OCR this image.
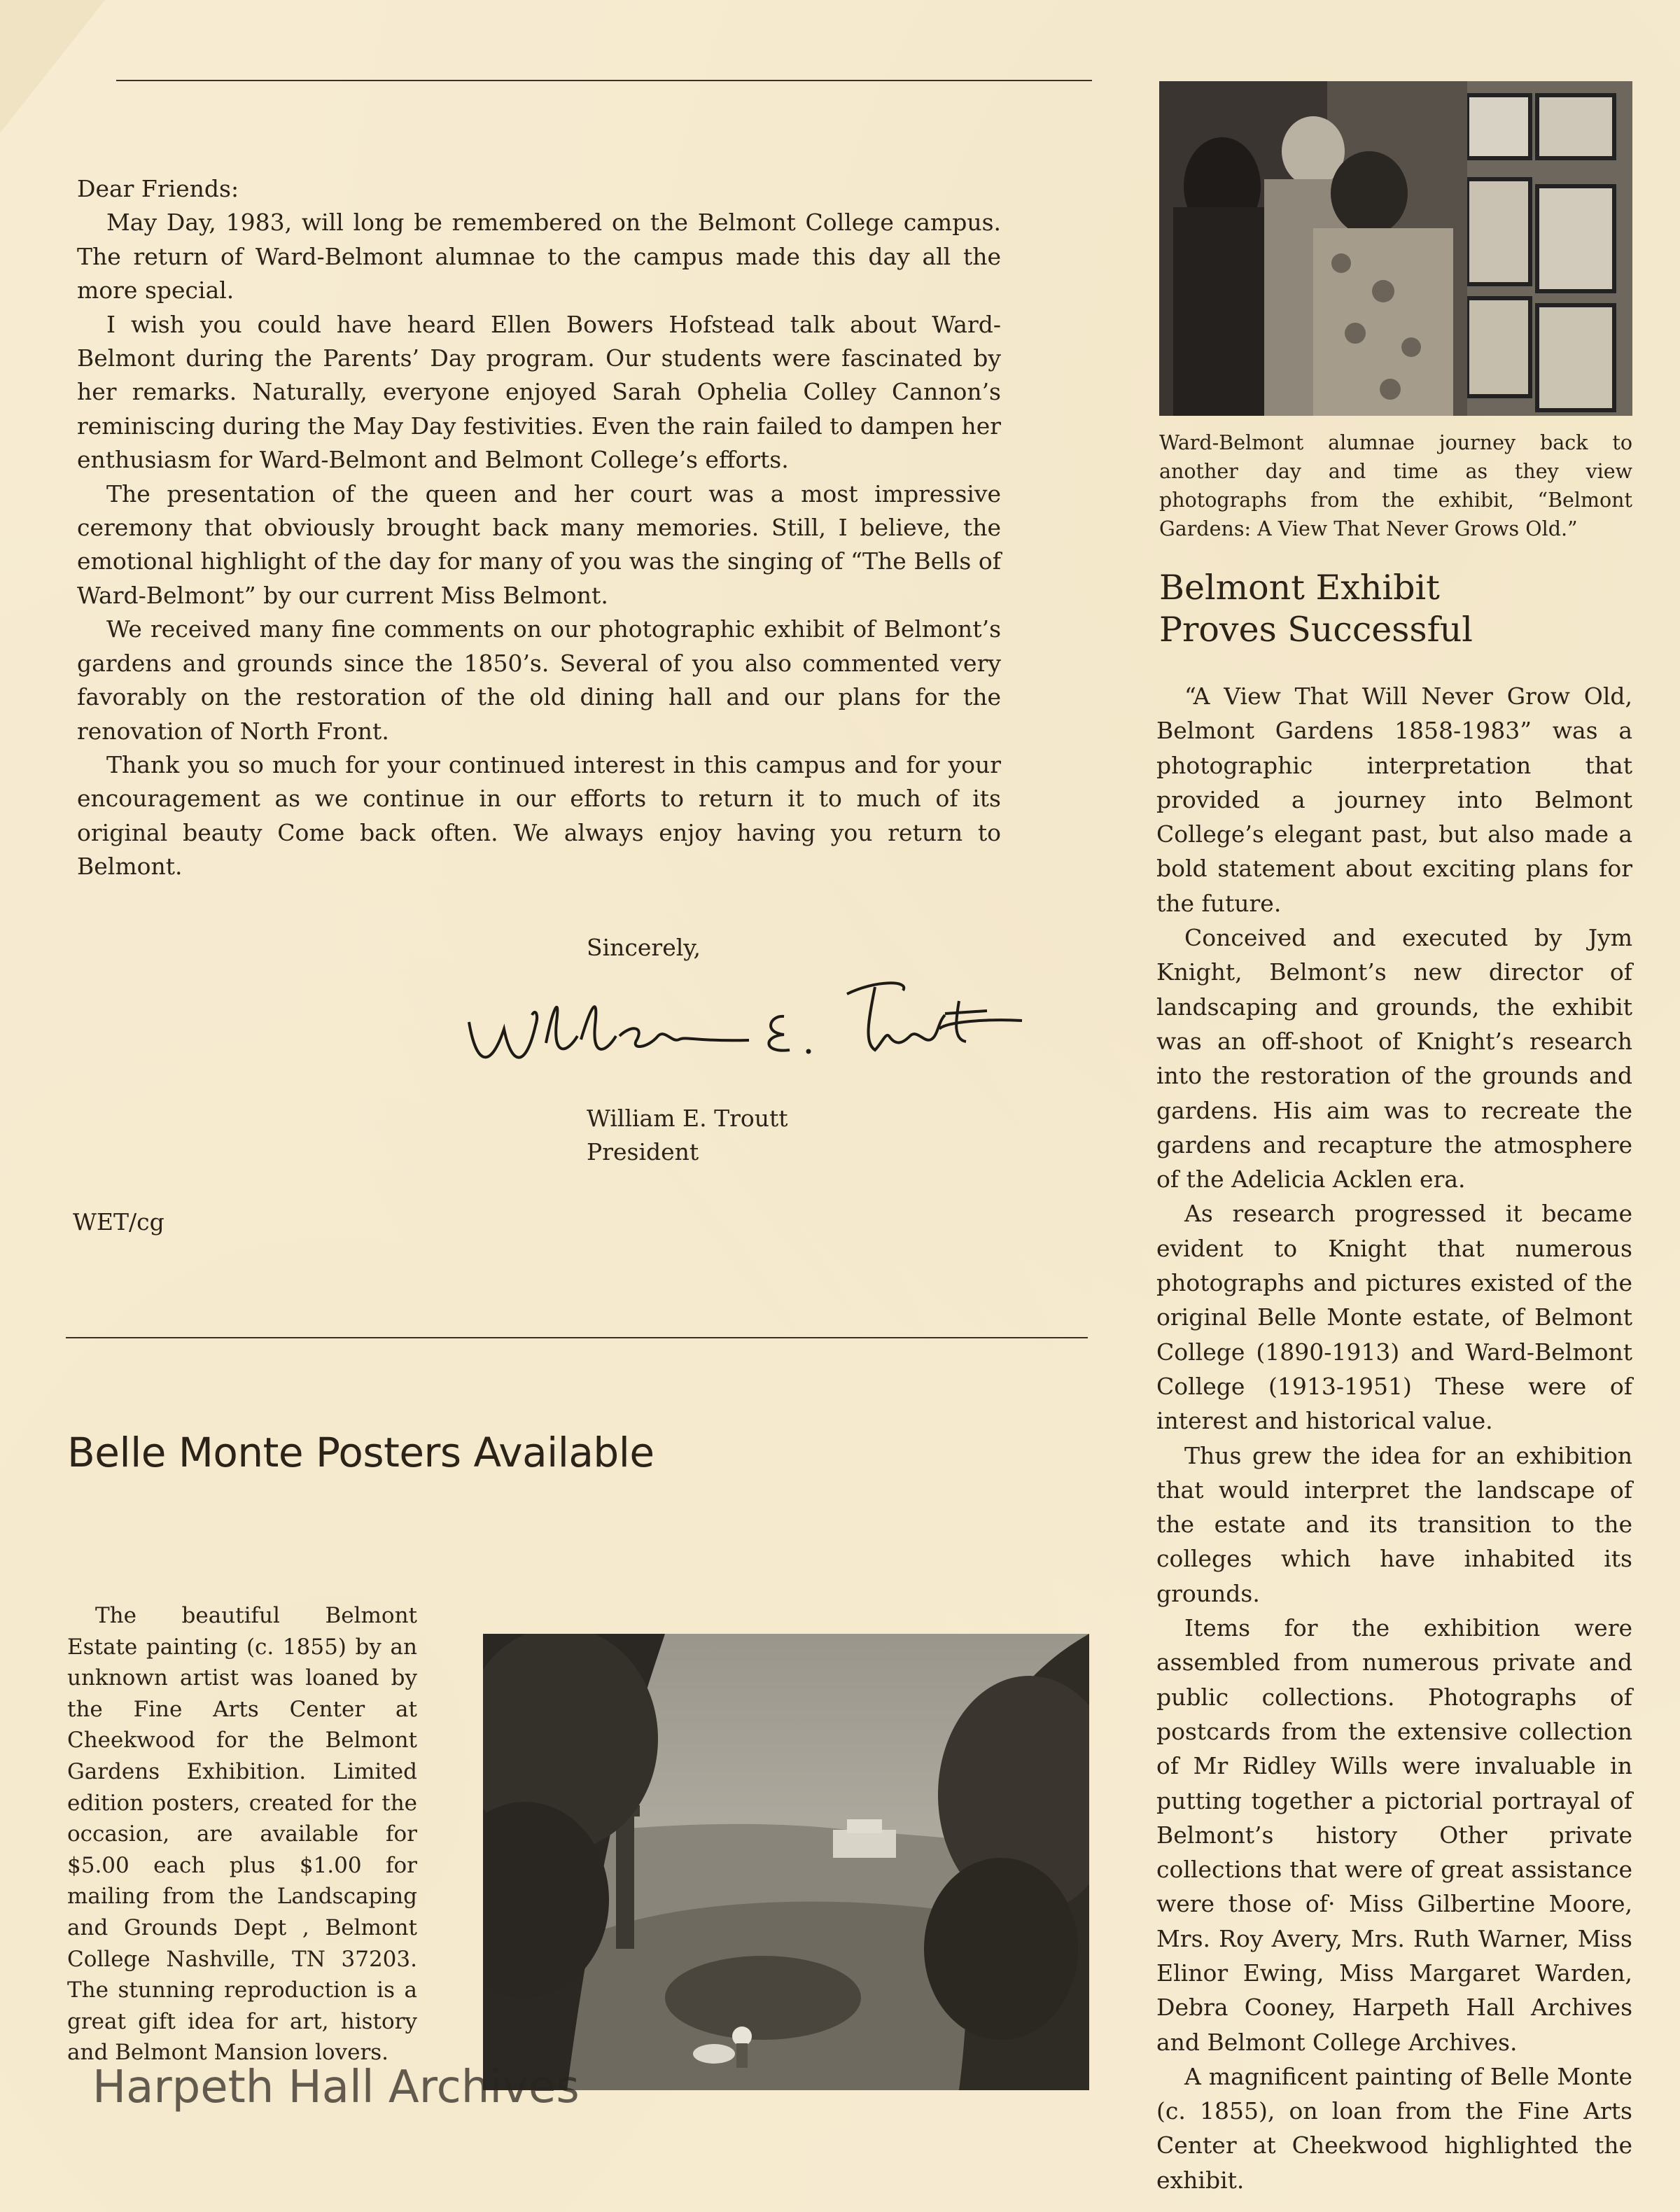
Dear Friends:

May Day, 1983, will long be remembered on the Belmont College campus. The return of Ward-Belmont alumnae to the campus made this day all the more special.

I wish you could have heard Ellen Bowers Hofstead talk about Ward-Belmont during the Parents’ Day program. Our students were fascinated by her remarks. Naturally, everyone enjoyed Sarah Ophelia Colley Cannon’s reminiscing during the May Day festivities. Even the rain failed to dampen her enthusiasm for Ward-Belmont and Belmont College’s efforts.

The presentation of the queen and her court was a most impressive ceremony that obviously brought back many memories. Still, I believe, the emotional highlight of the day for many of you was the singing of “The Bells of Ward-Belmont” by our current Miss Belmont.

We received many fine comments on our photographic exhibit of Belmont’s gardens and grounds since the 1850’s. Several of you also commented very favorably on the restoration of the old dining hall and our plans for the renovation of North Front.

Thank you so much for your continued interest in this campus and for your encouragement as we continue in our efforts to return it to much of its original beauty Come back often. We always enjoy having you return to Belmont.

Sincerely,
William E. Troutt
President
WET/cg
Ward-Belmont alumnae journey back to another day and time as they view photographs from the exhibit, “Belmont Gardens: A View That Never Grows Old.”
Belmont Exhibit
Proves Successful

“A View That Will Never Grow Old, Belmont Gardens 1858-1983” was a photographic interpretation that provided a journey into Belmont College’s elegant past, but also made a bold statement about exciting plans for the future.

Conceived and executed by Jym Knight, Belmont’s new director of landscaping and grounds, the exhibit was an off-shoot of Knight’s research into the restoration of the grounds and gardens. His aim was to recreate the gardens and recapture the atmosphere of the Adelicia Acklen era.

As research progressed it became evident to Knight that numerous photographs and pictures existed of the original Belle Monte estate, of Belmont College (1890-1913) and Ward-Belmont College (1913-1951) These were of interest and historical value.

Thus grew the idea for an exhibition that would interpret the landscape of the estate and its transition to the colleges which have inhabited its grounds.

Items for the exhibition were assembled from numerous private and public collections. Photographs of postcards from the extensive collection of Mr Ridley Wills were invaluable in putting together a pictorial portrayal of Belmont’s history Other private collections that were of great assistance were those of· Miss Gilbertine Moore, Mrs. Roy Avery, Mrs. Ruth Warner, Miss Elinor Ewing, Miss Margaret Warden, Debra Cooney, Harpeth Hall Archives and Belmont College Archives.

A magnificent painting of Belle Monte (c. 1855), on loan from the Fine Arts Center at Cheekwood highlighted the exhibit.

Belle Monte Posters Available

The beautiful Belmont Estate painting (c. 1855) by an unknown artist was loaned by the Fine Arts Center at Cheekwood for the Belmont Gardens Exhibition. Limited edition posters, created for the occasion, are available for $5.00 each plus $1.00 for mailing from the Landscaping and Grounds Dept , Belmont College Nashville, TN 37203. The stunning reproduction is a great gift idea for art, history and Belmont Mansion lovers.

Harpeth Hall Archives
